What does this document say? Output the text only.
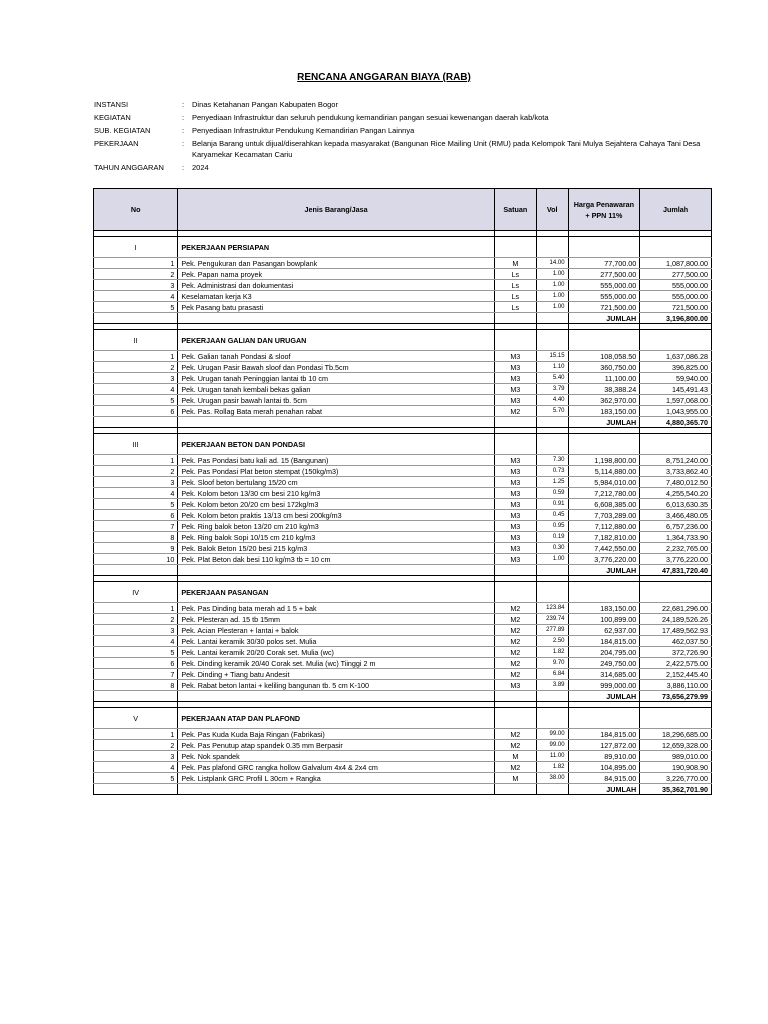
RENCANA ANGGARAN BIAYA (RAB)
INSTANSI	:	Dinas Ketahanan Pangan Kabupaten Bogor
KEGIATAN	:	Penyediaan Infrastruktur dan seluruh pendukung kemandirian pangan sesuai kewenangan daerah kab/kota
SUB. KEGIATAN	:	Penyediaan Infrastruktur Pendukung Kemandirian Pangan Lainnya
PEKERJAAN	:	Belanja Barang untuk dijual/diserahkan kepada masyarakat (Bangunan Rice Mailing Unit (RMU) pada Kelompok Tani Mulya Sejahtera Cahaya Tani Desa Karyamekar Kecamatan Cariu
TAHUN ANGGARAN	:	2024
No	Jenis Barang/Jasa	Satuan	Vol	Harga Penawaran + PPN 11%	Jumlah

I	PEKERJAAN PERSIAPAN				
1	Pek. Pengukuran dan Pasangan bowplank	M	14.00	77,700.00	1,087,800.00
2	Pek. Papan nama proyek	Ls	1.00	277,500.00	277,500.00
3	Pek. Administrasi dan dokumentasi	Ls	1.00	555,000.00	555,000.00
4	Keselamatan kerja K3	Ls	1.00	555,000.00	555,000.00
5	Pek Pasang batu prasasti	Ls	1.00	721,500.00	721,500.00
				JUMLAH	3,196,800.00

II	PEKERJAAN GALIAN DAN URUGAN				
1	Pek. Galian tanah Pondasi & sloof	M3	15.15	108,058.50	1,637,086.28
2	Pek. Urugan Pasir Bawah sloof dan Pondasi Tb.5cm	M3	1.10	360,750.00	396,825.00
3	Pek. Urugan tanah Peninggian lantai tb 10 cm	M3	5.40	11,100.00	59,940.00
4	Pek. Urugan tanah kembali bekas galian	M3	3.79	38,388.24	145,491.43
5	Pek. Urugan pasir bawah lantai tb. 5cm	M3	4.40	362,970.00	1,597,068.00
6	Pek. Pas. Rollag Bata merah penahan rabat	M2	5.70	183,150.00	1,043,955.00
				JUMLAH	4,880,365.70

III	PEKERJAAN BETON DAN PONDASI				
1	Pek. Pas Pondasi batu kali ad. 15 (Bangunan)	M3	7.30	1,198,800.00	8,751,240.00
2	Pek. Pas Pondasi Plat beton stempat (150kg/m3)	M3	0.73	5,114,880.00	3,733,862.40
3	Pek. Sloof beton bertulang 15/20 cm	M3	1.25	5,984,010.00	7,480,012.50
4	Pek. Kolom beton 13/30 cm besi 210 kg/m3	M3	0.59	7,212,780.00	4,255,540.20
5	Pek. Kolom beton 20/20 cm besi 172kg/m3	M3	0.91	6,608,385.00	6,013,630.35
6	Pek. Kolom beton praktis 13/13 cm besi 200kg/m3	M3	0.45	7,703,289.00	3,466,480.05
7	Pek. Ring balok beton 13/20 cm 210 kg/m3	M3	0.95	7,112,880.00	6,757,236.00
8	Pek. Ring balok Sopi 10/15 cm 210 kg/m3	M3	0.19	7,182,810.00	1,364,733.90
9	Pek. Balok Beton 15/20 besi 215 kg/m3	M3	0.30	7,442,550.00	2,232,765.00
10	Pek. Plat Beton dak besi 110 kg/m3 tb = 10 cm	M3	1.00	3,776,220.00	3,776,220.00
				JUMLAH	47,831,720.40

IV	PEKERJAAN PASANGAN				
1	Pek. Pas Dinding bata merah ad 1 5 + bak	M2	123.84	183,150.00	22,681,296.00
2	Pek. Plesteran ad. 15 tb 15mm	M2	239.74	100,899.00	24,189,526.26
3	Pek. Acian Plesteran + lantai + balok	M2	277.89	62,937.00	17,489,562.93
4	Pek. Lantai keramik 30/30 polos set. Mulia	M2	2.50	184,815.00	462,037.50
5	Pek. Lantai keramik 20/20 Corak set. Mulia (wc)	M2	1.82	204,795.00	372,726.90
6	Pek. Dinding keramik 20/40 Corak set. Mulia (wc) Tiinggi 2 m	M2	9.70	249,750.00	2,422,575.00
7	Pek. Dinding + Tiang batu Andesit	M2	6.84	314,685.00	2,152,445.40
8	Pek. Rabat beton lantai + keliling bangunan tb. 5 cm K-100	M3	3.89	999,000.00	3,886,110.00
				JUMLAH	73,656,279.99

V	PEKERJAAN ATAP DAN PLAFOND				
1	Pek. Pas Kuda Kuda Baja Ringan (Fabrikasi)	M2	99.00	184,815.00	18,296,685.00
2	Pek. Pas Penutup atap spandek 0.35 mm Berpasir	M2	99.00	127,872.00	12,659,328.00
3	Pek. Nok spandek	M	11.00	89,910.00	989,010.00
4	Pek. Pas plafond GRC rangka hollow Galvalum 4x4 & 2x4 cm	M2	1.82	104,895.00	190,908.90
5	Pek. Listplank GRC Profil L 30cm + Rangka	M	38.00	84,915.00	3,226,770.00
				JUMLAH	35,362,701.90
